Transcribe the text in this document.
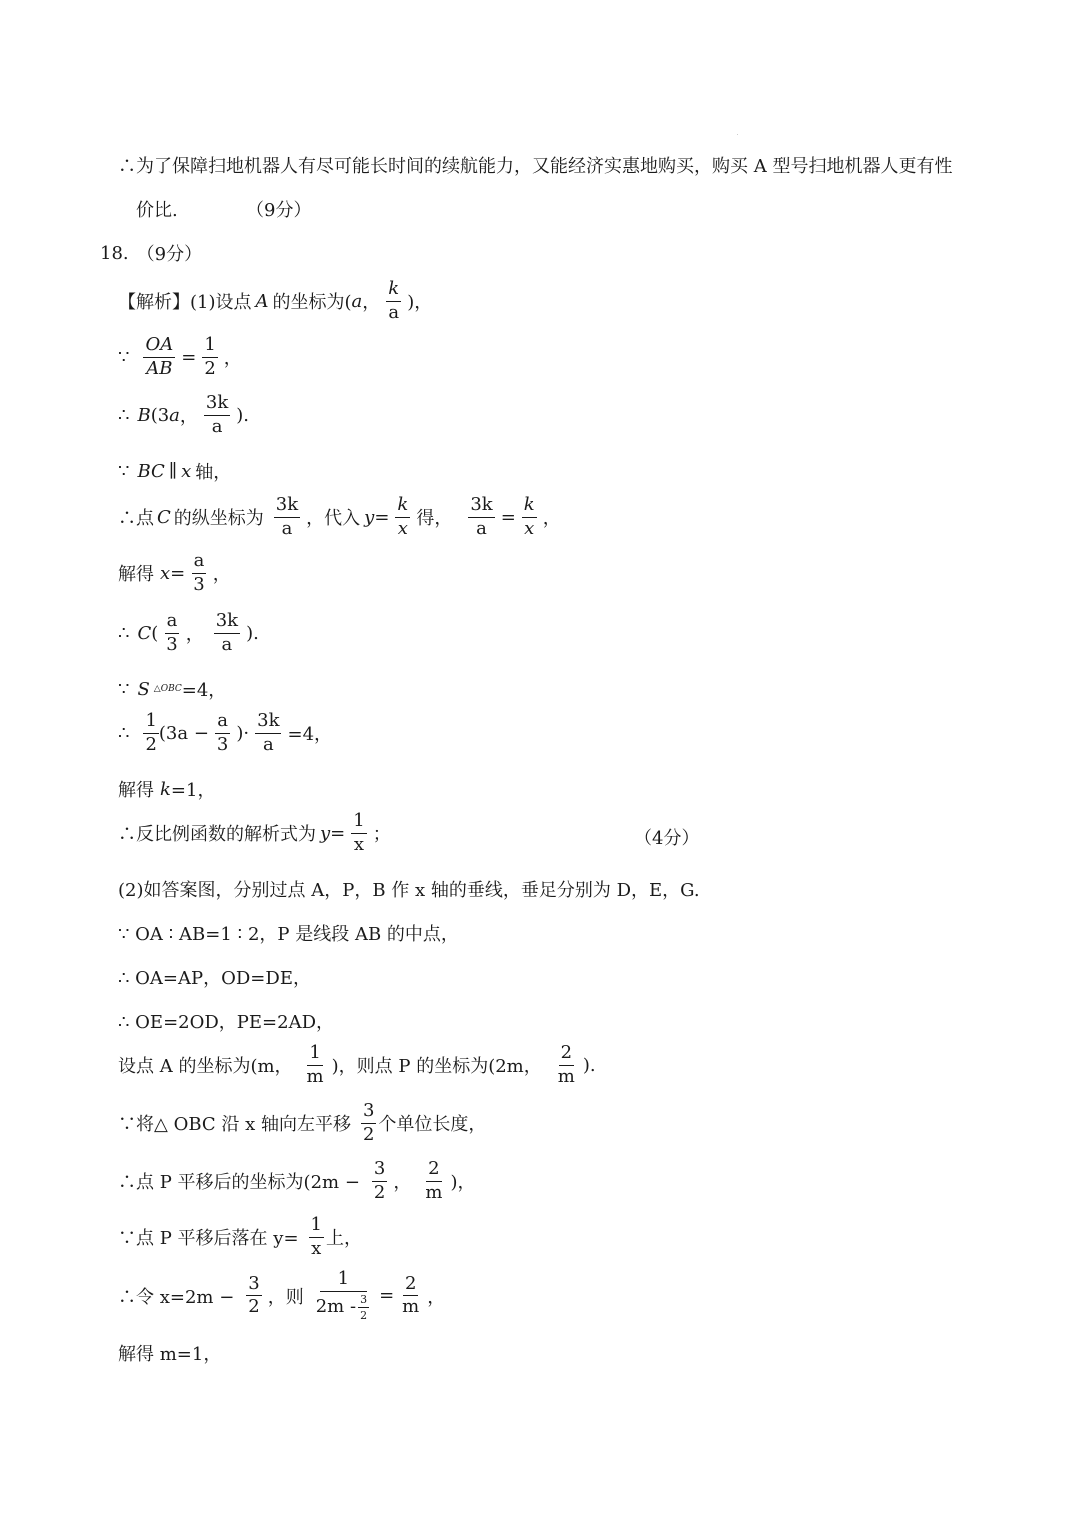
∴为了保障扫地机器人有尽可能长时间的续航能力，又能经济实惠地购买，购买 A 型号扫地机器人更有性
价比.	（9分）
18. （9分）
【解析】(1)设点 A 的坐标为( a ， $\frac{k}{a}$ )，
∵ $\frac{OA}{AB} = \frac{1}{2}$ ，
∴ B (3 a ， $\frac{3k}{a}$ ).
∵ BC ∥ x 轴，
∴点 C 的纵坐标为 $\frac{3k}{a}$ ，代入 $y = \frac{k}{x}$ 得， $\frac{3k}{a} = \frac{k}{x}$ ，
解得 $x = \frac{a}{3}$ ，
∴ C ( $\frac{a}{3}$ ， $\frac{3k}{a}$ ).
∵ S △OBC =4，
∴ $\frac{1}{2} (3a - \frac{a}{3}$ )· $\frac{3k}{a} =4$，
解得 k =1，
∴反比例函数的解析式为 $y = \frac{1}{x}$ ；	（4分）
(2)如答案图，分别过点 A，P，B 作 x 轴的垂线，垂足分别为 D，E，G.
∵ OA ∶ AB=1 ∶ 2，P 是线段 AB 的中点，
∴ OA=AP，OD=DE，
∴ OE=2OD，PE=2AD，
设点 A 的坐标为(m， $\frac{1}{m}$ )，则点 P 的坐标为(2m， $\frac{2}{m}$ ).
∵将△ OBC 沿 x 轴向左平移 $\frac{3}{2}$ 个单位长度，
∴点 P 平移后的坐标为($2m - \frac{3}{2}$ ， $\frac{2}{m}$ )，
∵点 P 平移后落在 $y= \frac{1}{x}$ 上，
∴令 $x=2m - \frac{3}{2}$ ，则 $\frac{1}{2m - \frac{3}{2}} = \frac{2}{m}$ ，
解得 m=1，
